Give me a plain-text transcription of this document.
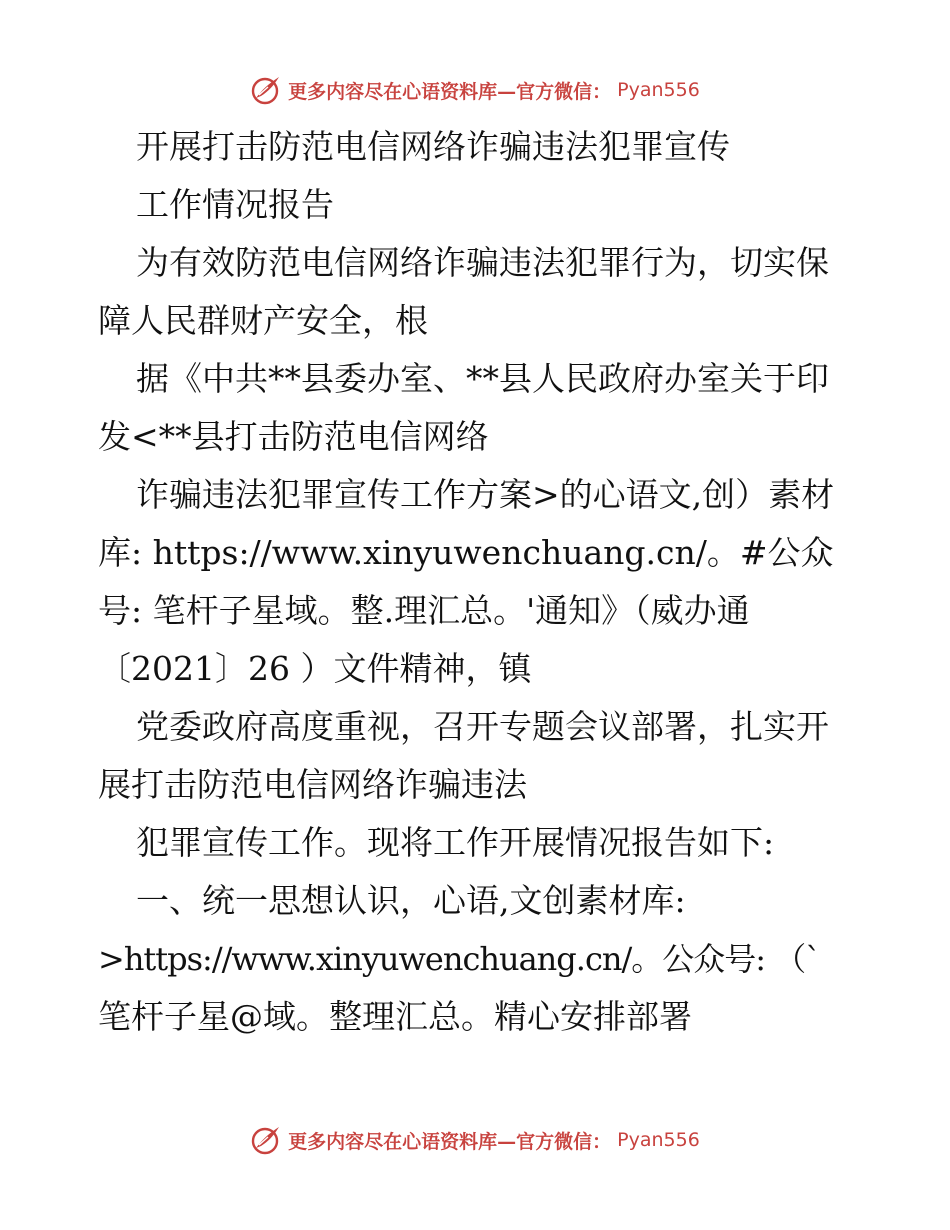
更多内容尽在心语资料库—官方微信： Pyan556
开展打击防范电信网络诈骗违法犯罪宣传
工作情况报告
为有效防范电信网络诈骗违法犯罪行为，切实保
障人民群财产安全，根
据《中共**县委办室、**县人民政府办室关于印
发<**县打击防范电信网络
诈骗违法犯罪宣传工作方案>的心语文,创）素材
库: https://www.xinyuwenchuang.cn/。#公众
号: 笔杆子星域。整.理汇总。'通知》（威办通
〔2021〕26 ）文件精神，镇
党委政府高度重视，召开专题会议部署，扎实开
展打击防范电信网络诈骗违法
犯罪宣传工作。现将工作开展情况报告如下:
一、统一思想认识，心语,文创素材库:
>https://www.xinyuwenchuang.cn/。公众号: （`
笔杆子星@域。整理汇总。精心安排部署
更多内容尽在心语资料库—官方微信： Pyan556
